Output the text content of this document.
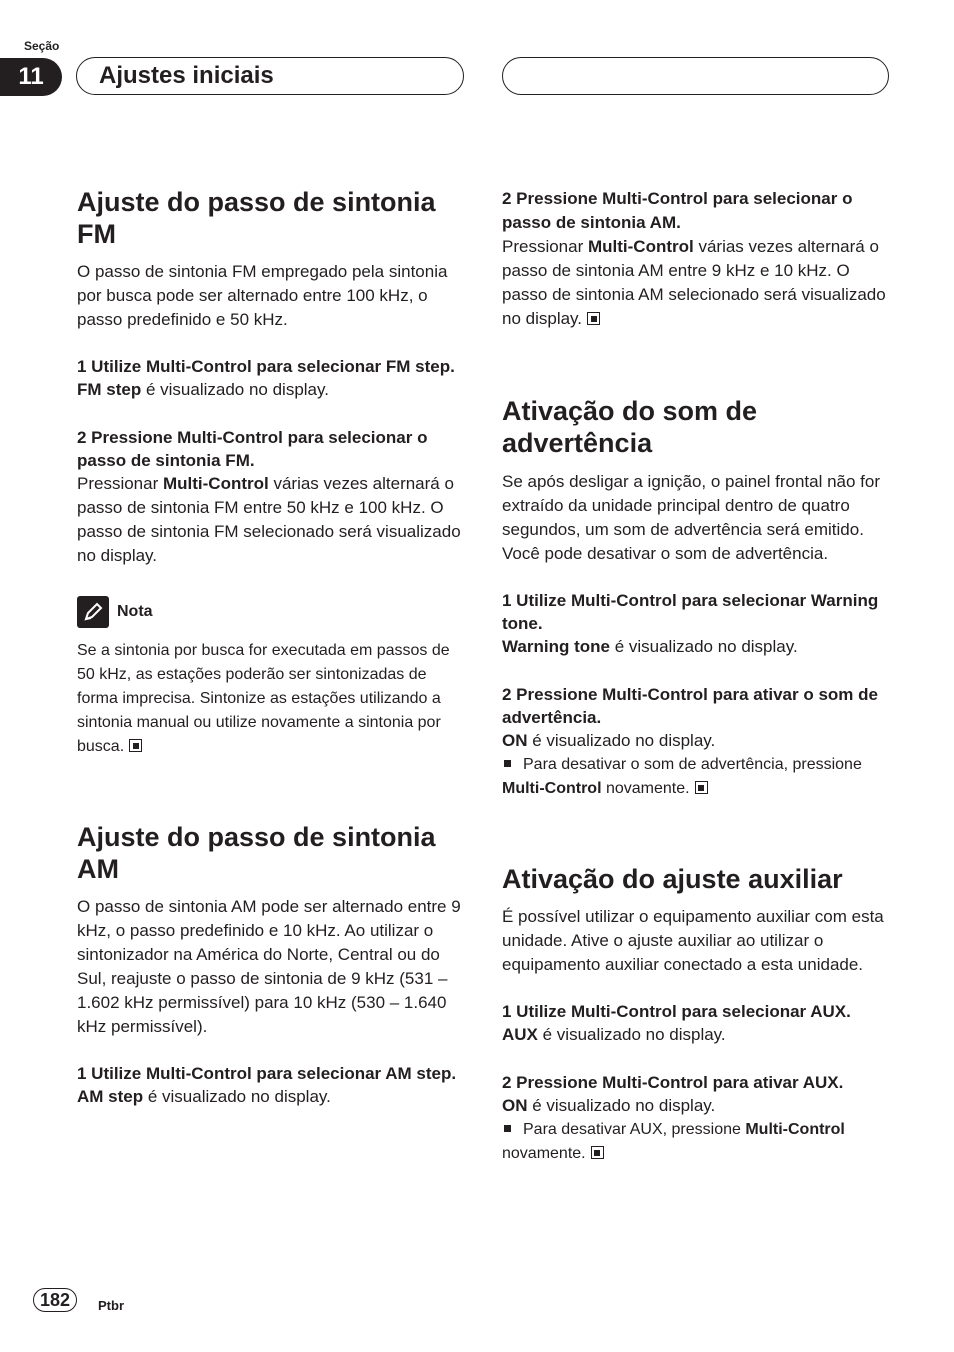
Seção
11	Ajustes iniciais
Ajuste do passo de sintonia FM

O passo de sintonia FM empregado pela sintonia por busca pode ser alternado entre 100 kHz, o passo predefinido e 50 kHz.

1 Utilize Multi-Control para selecionar FM step.

FM step é visualizado no display.

2 Pressione Multi-Control para selecionar o passo de sintonia FM.

Pressionar Multi-Control várias vezes alternará o passo de sintonia FM entre 50 kHz e 100 kHz. O passo de sintonia FM selecionado será visualizado no display.

Nota

Se a sintonia por busca for executada em passos de 50 kHz, as estações poderão ser sintonizadas de forma imprecisa. Sintonize as estações utilizando a sintonia manual ou utilize novamente a sintonia por busca.

Ajuste do passo de sintonia AM

O passo de sintonia AM pode ser alternado entre 9 kHz, o passo predefinido e 10 kHz. Ao utilizar o sintonizador na América do Norte, Central ou do Sul, reajuste o passo de sintonia de 9 kHz (531 – 1.602 kHz permissível) para 10 kHz (530 – 1.640 kHz permissível).

1 Utilize Multi-Control para selecionar AM step.

AM step é visualizado no display.

2 Pressione Multi-Control para selecionar o passo de sintonia AM.

Pressionar Multi-Control várias vezes alternará o passo de sintonia AM entre 9 kHz e 10 kHz. O passo de sintonia AM selecionado será visualizado no display.

Ativação do som de advertência

Se após desligar a ignição, o painel frontal não for extraído da unidade principal dentro de quatro segundos, um som de advertência será emitido. Você pode desativar o som de advertência.

1 Utilize Multi-Control para selecionar Warning tone.

Warning tone é visualizado no display.

2 Pressione Multi-Control para ativar o som de advertência.

ON é visualizado no display.

Para desativar o som de advertência, pressione Multi-Control novamente.

Ativação do ajuste auxiliar

É possível utilizar o equipamento auxiliar com esta unidade. Ative o ajuste auxiliar ao utilizar o equipamento auxiliar conectado a esta unidade.

1 Utilize Multi-Control para selecionar AUX.

AUX é visualizado no display.

2 Pressione Multi-Control para ativar AUX.

ON é visualizado no display.

Para desativar AUX, pressione Multi-Control novamente.

182	Ptbr
